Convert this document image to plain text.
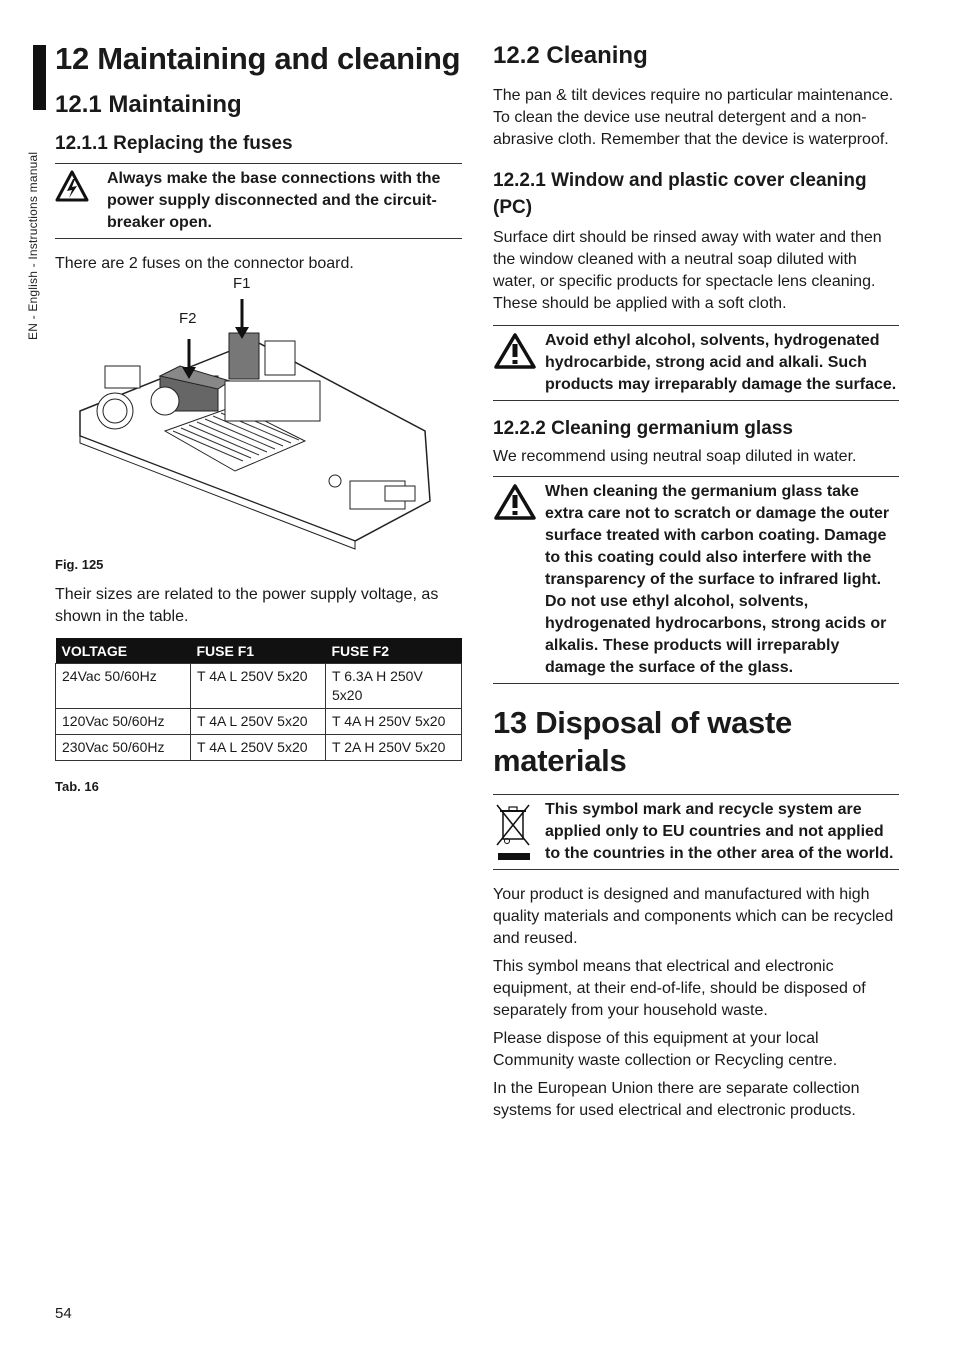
EN - English - Instructions manual
12 Maintaining and cleaning
12.1 Maintaining
12.1.1 Replacing the fuses
Always make the base connections with the power supply disconnected and the circuit-breaker open.

There are 2 fuses on the connector board.

F1
F2
Fig. 125

Their sizes are related to the power supply voltage, as shown in the table.

VOLTAGE	FUSE F1	FUSE F2
24Vac 50/60Hz	T 4A L 250V 5x20	T 6.3A H 250V 5x20
120Vac 50/60Hz	T 4A L 250V 5x20	T 4A H 250V 5x20
230Vac 50/60Hz	T 4A L 250V 5x20	T 2A H 250V 5x20
Tab. 16
12.2 Cleaning

The pan & tilt devices require no particular maintenance. To clean the device use neutral detergent and a non-abrasive cloth. Remember that the device is waterproof.

12.2.1 Window and plastic cover cleaning (PC)

Surface dirt should be rinsed away with water and then the window cleaned with a neutral soap diluted with water, or specific products for spectacle lens cleaning. These should be applied with a soft cloth.

Avoid ethyl alcohol, solvents, hydrogenated hydrocarbide, strong acid and alkali. Such products may irreparably damage the surface.
12.2.2 Cleaning germanium glass

We recommend using neutral soap diluted in water.

When cleaning the germanium glass take extra care not to scratch or damage the outer surface treated with carbon coating. Damage to this coating could also interfere with the transparency of the surface to infrared light. Do not use ethyl alcohol, solvents, hydrogenated hydrocarbons, strong acids or alkalis. These products will irreparably damage the surface of the glass.
13 Disposal of waste materials
This symbol mark and recycle system are applied only to EU countries and not applied to the countries in the other area of the world.

Your product is designed and manufactured with high quality materials and components which can be recycled and reused.

This symbol means that electrical and electronic equipment, at their end-of-life, should be disposed of separately from your household waste.

Please dispose of this equipment at your local Community waste collection or Recycling centre.

In the European Union there are separate collection systems for used electrical and electronic products.

54
